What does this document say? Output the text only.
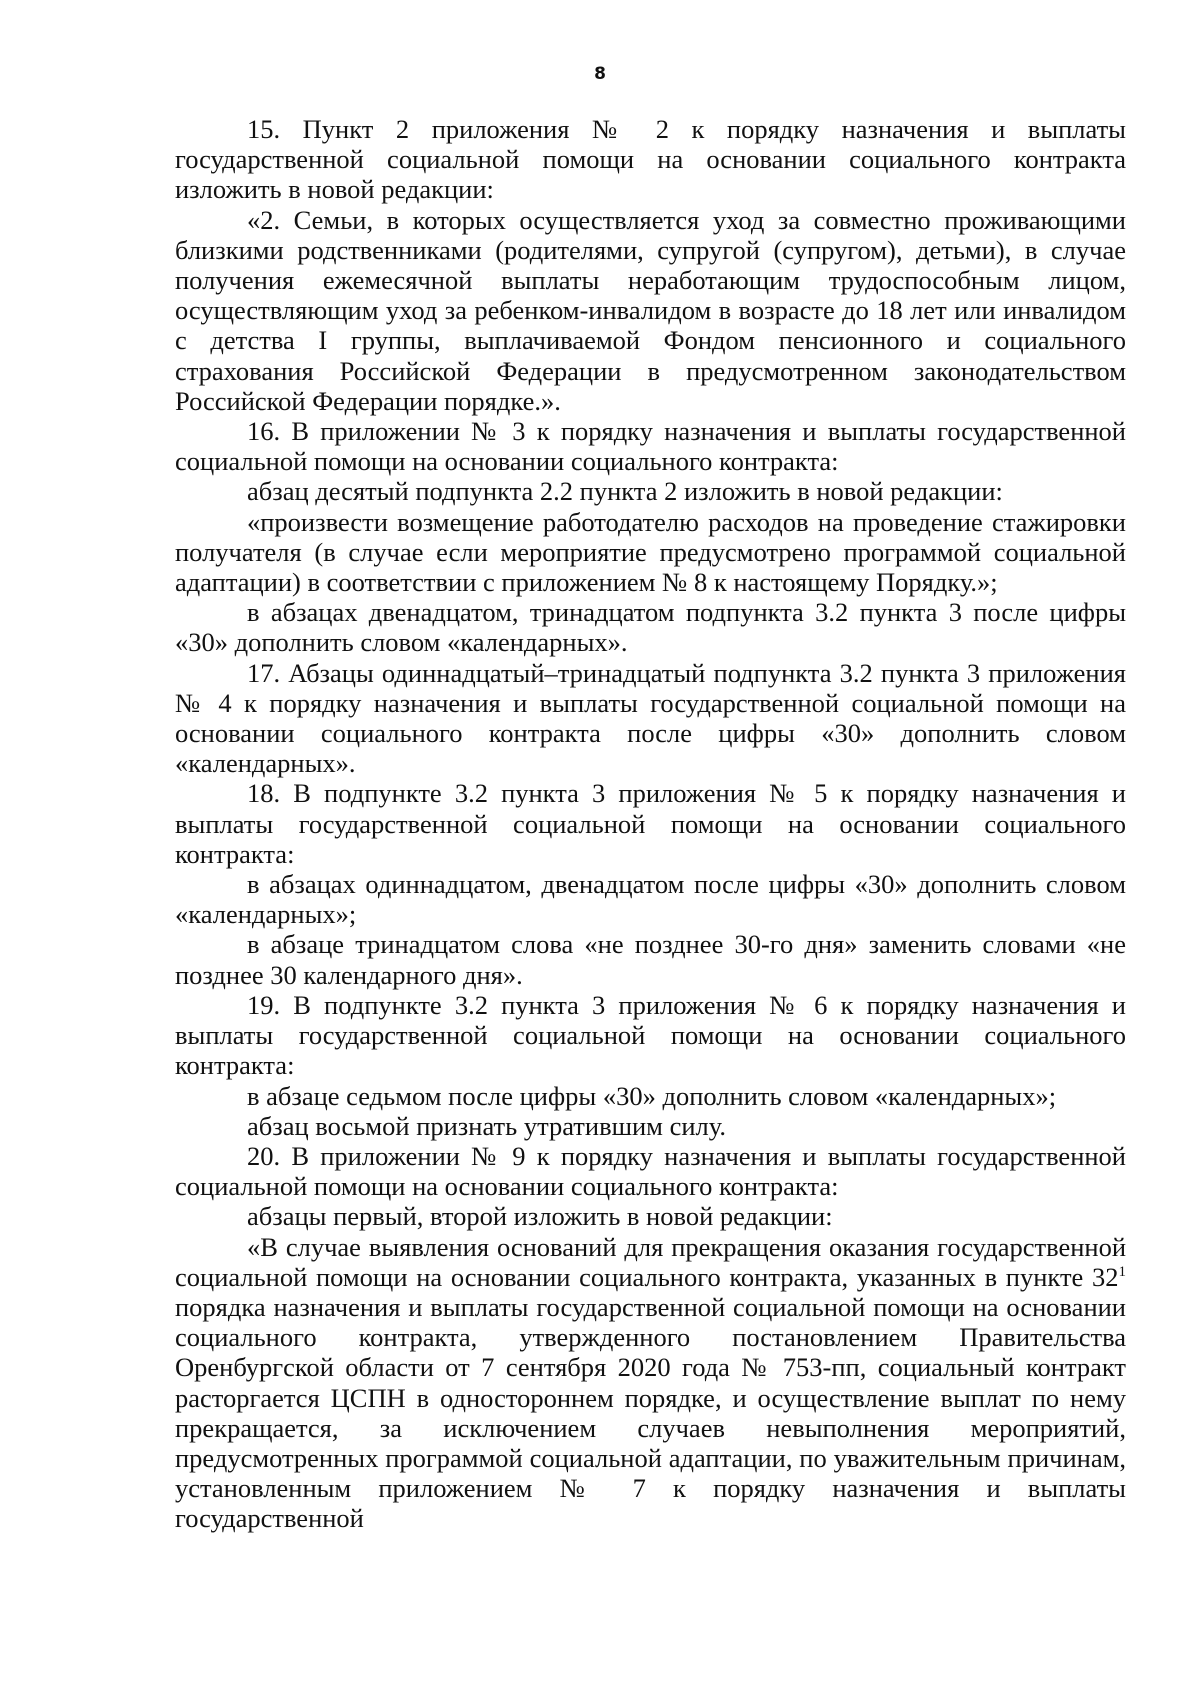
8

15. Пункт 2 приложения № 2 к порядку назначения и выплаты государственной социальной помощи на основании социального контракта изложить в новой редакции:

«2. Семьи, в которых осуществляется уход за совместно проживающими близкими родственниками (родителями, супругой (супругом), детьми), в случае получения ежемесячной выплаты неработающим трудоспособным лицом, осуществляющим уход за ребенком-инвалидом в возрасте до 18 лет или инвалидом с детства I группы, выплачиваемой Фондом пенсионного и социального страхования Российской Федерации в предусмотренном законодательством Российской Федерации порядке.».

16. В приложении № 3 к порядку назначения и выплаты государственной социальной помощи на основании социального контракта:

абзац десятый подпункта 2.2 пункта 2 изложить в новой редакции:

«произвести возмещение работодателю расходов на проведение стажировки получателя (в случае если мероприятие предусмотрено программой социальной адаптации) в соответствии с приложением № 8 к настоящему Порядку.»;

в абзацах двенадцатом, тринадцатом подпункта 3.2 пункта 3 после цифры «30» дополнить словом «календарных».

17. Абзацы одиннадцатый–тринадцатый подпункта 3.2 пункта 3 приложения № 4 к порядку назначения и выплаты государственной социальной помощи на основании социального контракта после цифры «30» дополнить словом «календарных».

18. В подпункте 3.2 пункта 3 приложения № 5 к порядку назначения и выплаты государственной социальной помощи на основании социального контракта:

в абзацах одиннадцатом, двенадцатом после цифры «30» дополнить словом «календарных»;

в абзаце тринадцатом слова «не позднее 30-го дня» заменить словами «не позднее 30 календарного дня».

19. В подпункте 3.2 пункта 3 приложения № 6 к порядку назначения и выплаты государственной социальной помощи на основании социального контракта:

в абзаце седьмом после цифры «30» дополнить словом «календарных»;

абзац восьмой признать утратившим силу.

20. В приложении № 9 к порядку назначения и выплаты государственной социальной помощи на основании социального контракта:

абзацы первый, второй изложить в новой редакции:

«В случае выявления оснований для прекращения оказания государственной социальной помощи на основании социального контракта, указанных в пункте $32^1$ порядка назначения и выплаты государственной социальной помощи на основании социального контракта, утвержденного постановлением Правительства Оренбургской области от 7 сентября 2020 года № 753-пп, социальный контракт расторгается ЦСПН в одностороннем порядке, и осуществление выплат по нему прекращается, за исключением случаев невыполнения мероприятий, предусмотренных программой социальной адаптации, по уважительным причинам, установленным приложением № 7 к порядку назначения и выплаты государственной
